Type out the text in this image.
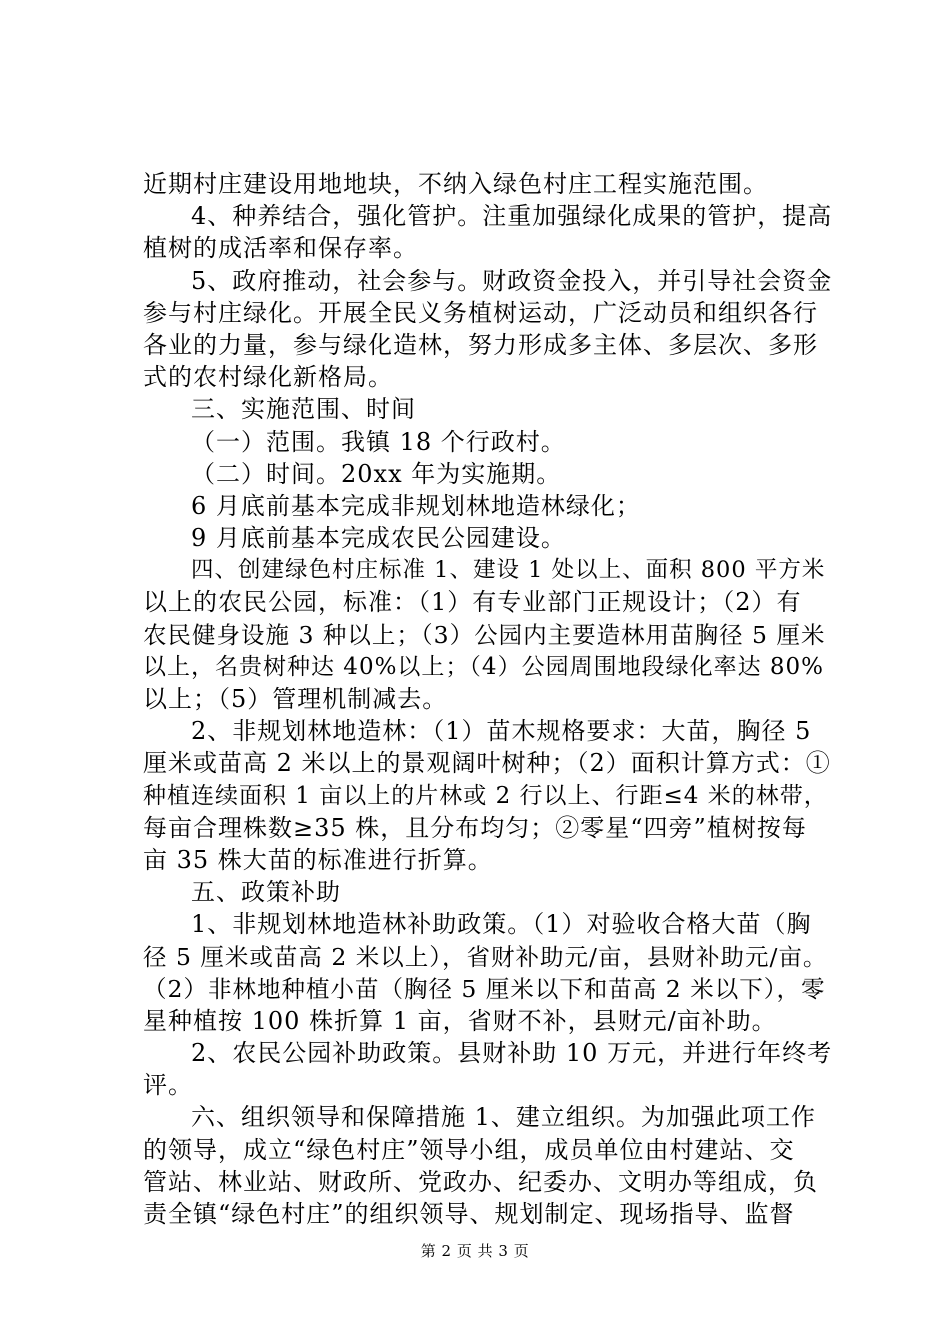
近期村庄建设用地地块，不纳入绿色村庄工程实施范围。
4、种养结合，强化管护。注重加强绿化成果的管护，提高
植树的成活率和保存率。
5、政府推动，社会参与。财政资金投入，并引导社会资金
参与村庄绿化。开展全民义务植树运动，广泛动员和组织各行
各业的力量，参与绿化造林，努力形成多主体、多层次、多形
式的农村绿化新格局。
三、实施范围、时间
（一）范围。我镇 18 个行政村。
（二）时间。20xx 年为实施期。
6 月底前基本完成非规划林地造林绿化；
9 月底前基本完成农民公园建设。
四、创建绿色村庄标准 1、建设 1 处以上、面积 800 平方米
以上的农民公园，标准：（1）有专业部门正规设计；（2）有
农民健身设施 3 种以上；（3）公园内主要造林用苗胸径 5 厘米
以上，名贵树种达 40%以上；（4）公园周围地段绿化率达 80%
以上；（5）管理机制减去。
2、非规划林地造林：（1）苗木规格要求：大苗，胸径 5
厘米或苗高 2 米以上的景观阔叶树种；（2）面积计算方式：①
种植连续面积 1 亩以上的片林或 2 行以上、行距≤4 米的林带，
每亩合理株数≥35 株，且分布均匀；②零星“四旁”植树按每
亩 35 株大苗的标准进行折算。
五、政策补助
1、非规划林地造林补助政策。（1）对验收合格大苗（胸
径 5 厘米或苗高 2 米以上），省财补助元/亩，县财补助元/亩。
（2）非林地种植小苗（胸径 5 厘米以下和苗高 2 米以下），零
星种植按 100 株折算 1 亩，省财不补，县财元/亩补助。
2、农民公园补助政策。县财补助 10 万元，并进行年终考
评。
六、组织领导和保障措施 1、建立组织。为加强此项工作
的领导，成立“绿色村庄”领导小组，成员单位由村建站、交
管站、林业站、财政所、党政办、纪委办、文明办等组成，负
责全镇“绿色村庄”的组织领导、规划制定、现场指导、监督
第 2 页 共 3 页
